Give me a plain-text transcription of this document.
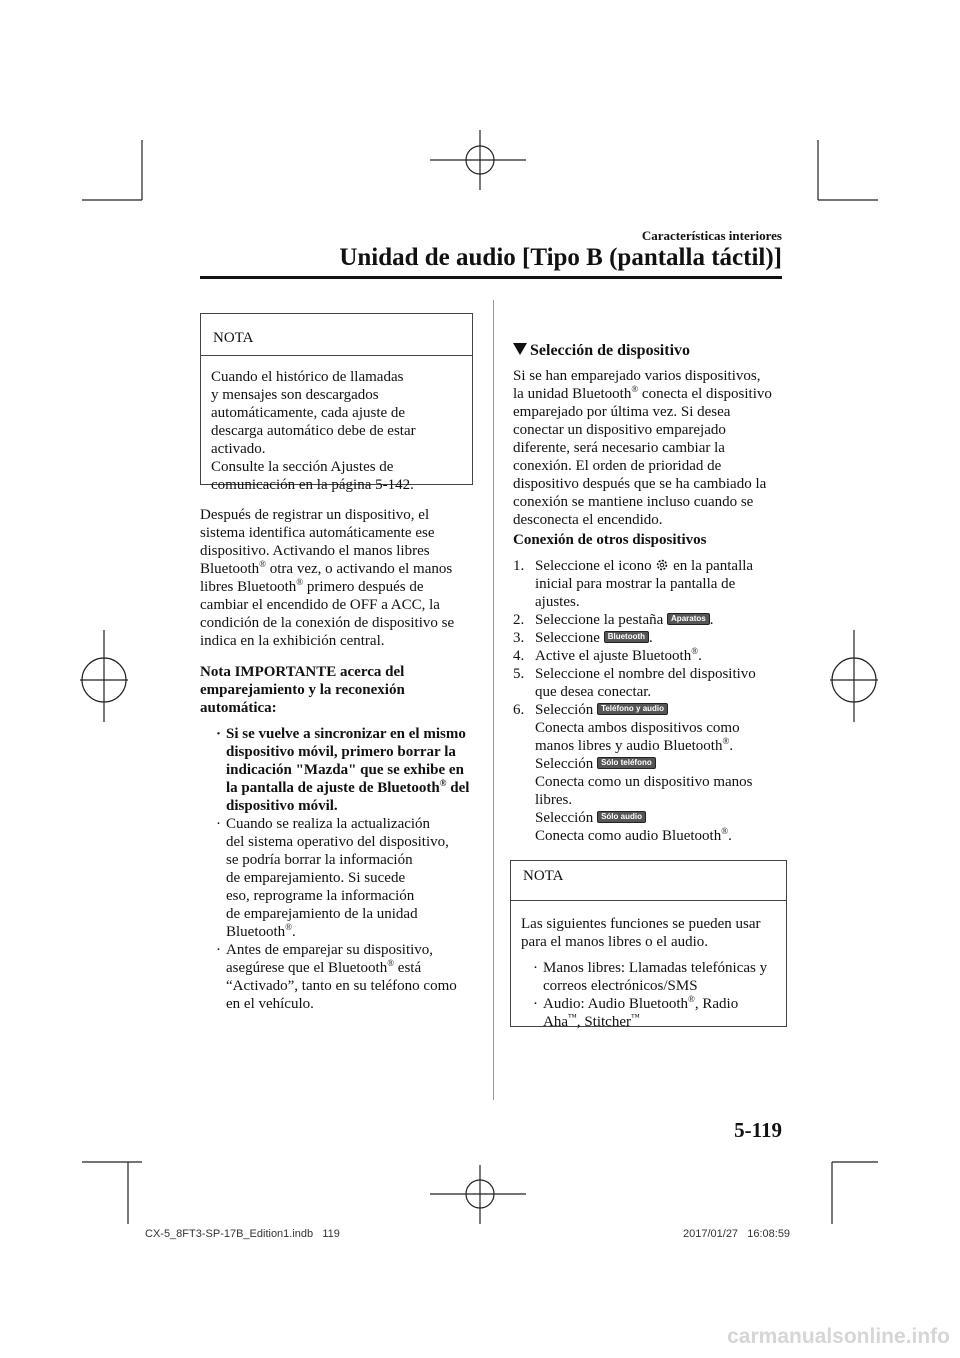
Características interiores
Unidad de audio [Tipo B (pantalla táctil)]
NOTA
Cuando el histórico de llamadas
y mensajes son descargados
automáticamente, cada ajuste de
descarga automático debe de estar
activado.
Consulte la sección Ajustes de
comunicación en la página 5-142.
Después de registrar un dispositivo, el
sistema identifica automáticamente ese
dispositivo. Activando el manos libres
Bluetooth® otra vez, o activando el manos
libres Bluetooth® primero después de
cambiar el encendido de OFF a ACC, la
condición de la conexión de dispositivo se
indica en la exhibición central.
Nota IMPORTANTE acerca del
emparejamiento y la reconexión
automática:
· Si se vuelve a sincronizar en el mismo
dispositivo móvil, primero borrar la
indicación "Mazda" que se exhibe en
la pantalla de ajuste de Bluetooth® del
dispositivo móvil.
· Cuando se realiza la actualización
del sistema operativo del dispositivo,
se podría borrar la información
de emparejamiento. Si sucede
eso, reprograme la información
de emparejamiento de la unidad
Bluetooth®.
· Antes de emparejar su dispositivo,
asegúrese que el Bluetooth® está
“Activado”, tanto en su teléfono como
en el vehículo.
Selección de dispositivo
Si se han emparejado varios dispositivos,
la unidad Bluetooth® conecta el dispositivo
emparejado por última vez. Si desea
conectar un dispositivo emparejado
diferente, será necesario cambiar la
conexión. El orden de prioridad de
dispositivo después que se ha cambiado la
conexión se mantiene incluso cuando se
desconecta el encendido.
Conexión de otros dispositivos
1. Seleccione el icono  en la pantalla
inicial para mostrar la pantalla de
ajustes.
2. Seleccione la pestaña Aparatos .
3. Seleccione Bluetooth .
4. Active el ajuste Bluetooth®.
5. Seleccione el nombre del dispositivo
que desea conectar.
6. Selección Teléfono y audio
Conecta ambos dispositivos como
manos libres y audio Bluetooth®.
Selección Sólo teléfono
Conecta como un dispositivo manos
libres.
Selección Sólo audio
Conecta como audio Bluetooth®.
NOTA
Las siguientes funciones se pueden usar
para el manos libres o el audio.
· Manos libres: Llamadas telefónicas y
correos electrónicos/SMS
· Audio: Audio Bluetooth®, Radio
Aha™, Stitcher™
5-119
CX-5_8FT3-SP-17B_Edition1.indb 119	2017/01/27 16:08:59
carmanualsonline.info
